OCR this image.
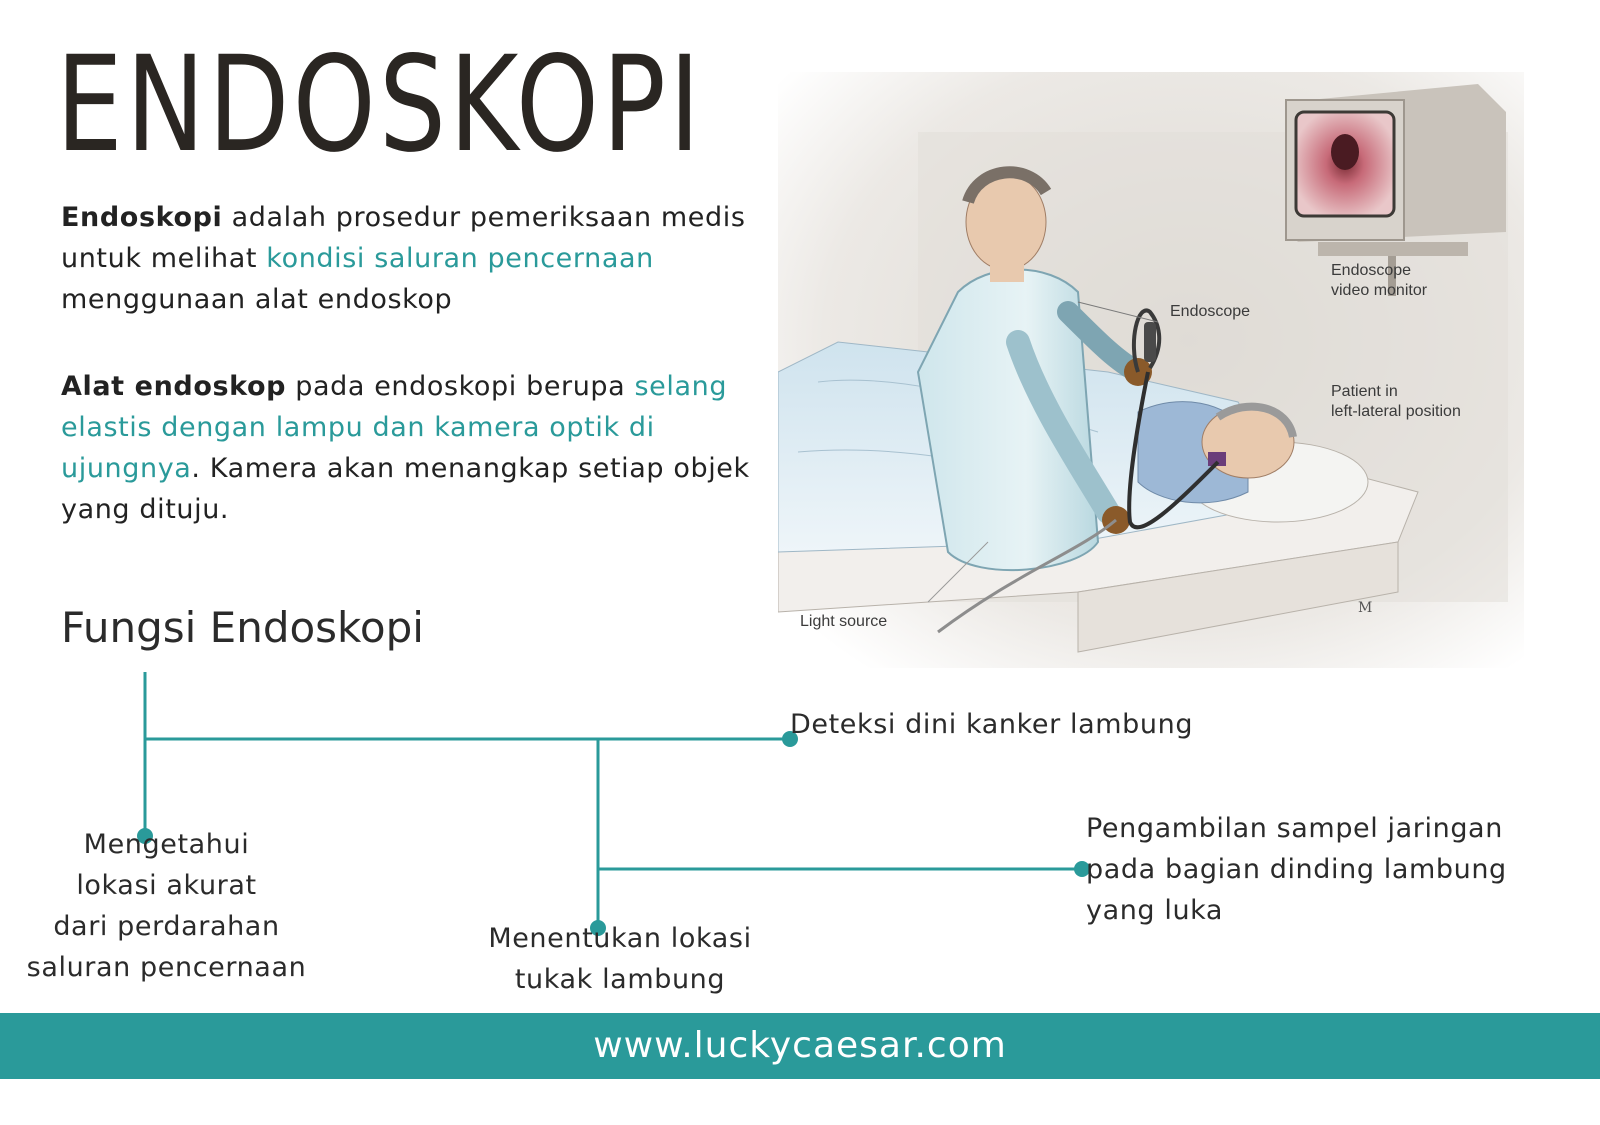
ENDOSKOPI

Endoskopi adalah prosedur pemeriksaan medis untuk melihat kondisi saluran pencernaan menggunaan alat endoskop

Alat endoskop pada endoskopi berupa selang elastis dengan lampu dan kamera optik di ujungnya. Kamera akan menangkap setiap objek yang dituju.

M
Endoscope
video monitor
Endoscope
Patient in
left-lateral position
Light source
Fungsi Endoskopi
Deteksi dini kanker lambung
Mengetahui
lokasi akurat
dari perdarahan
saluran pencernaan
Menentukan lokasi
tukak lambung
Pengambilan sampel jaringan
pada bagian dinding lambung
yang luka
www.luckycaesar.com
